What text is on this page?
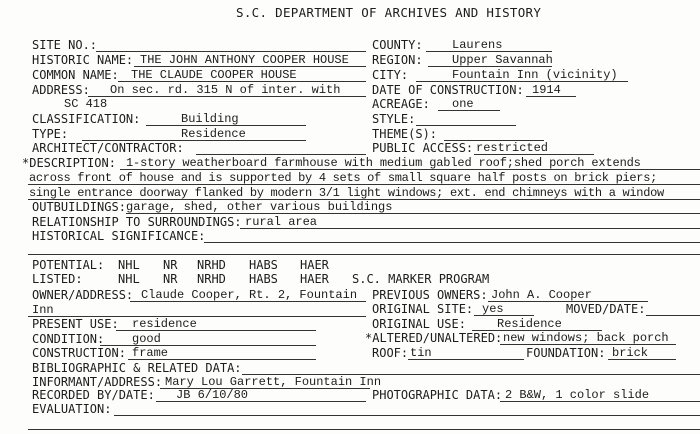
S.C. DEPARTMENT OF ARCHIVES AND HISTORY
SITE NO.:
HISTORIC NAME: THE JOHN ANTHONY COOPER HOUSE
COMMON NAME: THE CLAUDE COOPER HOUSE
ADDRESS: On sec. rd. 315 N of inter. with
SC 418
CLASSIFICATION:	Building
TYPE:	Residence
ARCHITECT/CONTRACTOR:
COUNTY: Laurens
REGION: Upper Savannah
CITY:	Fountain Inn (vicinity)
DATE OF CONSTRUCTION: 1914
ACREAGE: one
STYLE:
THEME(S):
PUBLIC ACCESS: restricted
*DESCRIPTION: 1-story weatherboard farmhouse with medium gabled roof;shed porch extends
across front of house and is supported by 4 sets of small square half posts on brick piers;
single entrance doorway flanked by modern 3/1 light windows; ext. end chimneys with a window
OUTBUILDINGS: garage, shed, other various buildings
RELATIONSHIP TO SURROUNDINGS: rural area
HISTORICAL SIGNIFICANCE:
POTENTIAL: NHL NR NRHD HABS HAER
LISTED:	NHL NR NRHD HABS HAER S.C. MARKER PROGRAM
OWNER/ADDRESS: Claude Cooper, Rt. 2, Fountain
Inn
PRESENT USE: residence
CONDITION: good
CONSTRUCTION: frame
BIBLIOGRAPHIC & RELATED DATA:
INFORMANT/ADDRESS: Mary Lou Garrett, Fountain Inn
RECORDED BY/DATE: JB 6/10/80
EVALUATION:
PREVIOUS OWNERS: John A. Cooper
ORIGINAL SITE: yes	MOVED/DATE:
ORIGINAL USE:	Residence
*ALTERED/UNALTERED: new windows; back porch
ROOF: tin	FOUNDATION: brick
PHOTOGRAPHIC DATA: 2 B&W, 1 color slide
